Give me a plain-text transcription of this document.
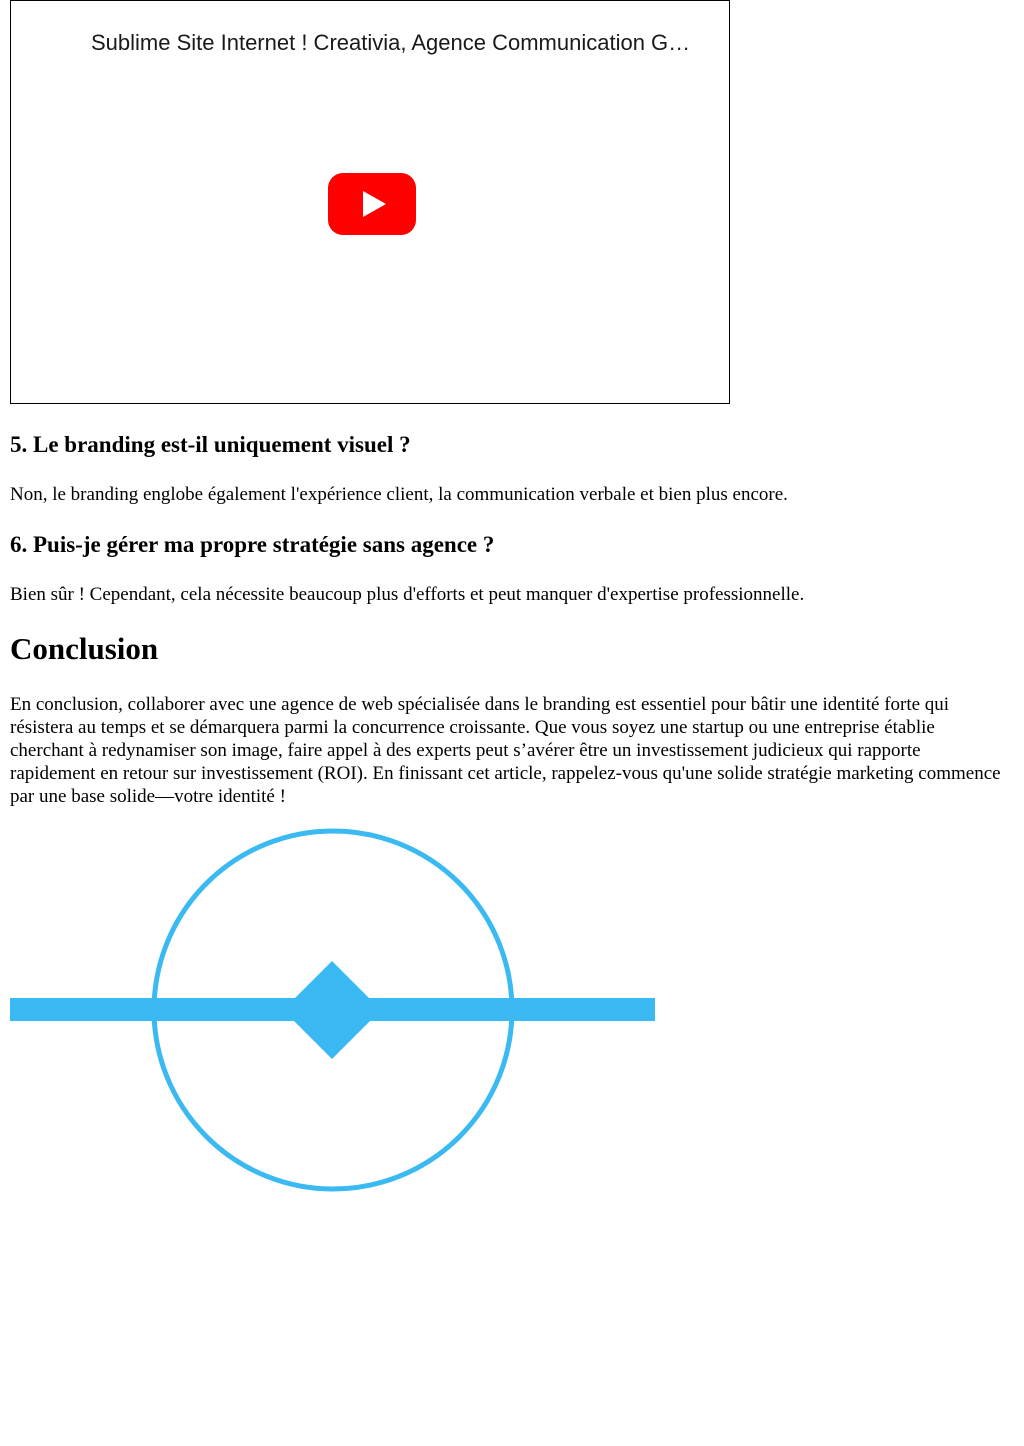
Sublime Site Internet ! Creativia, Agence Communication G…
5. Le branding est-il uniquement visuel ?

Non, le branding englobe également l'expérience client, la communication verbale et bien plus encore.

6. Puis-je gérer ma propre stratégie sans agence ?

Bien sûr ! Cependant, cela nécessite beaucoup plus d'efforts et peut manquer d'expertise professionnelle.

Conclusion

En conclusion, collaborer avec une agence de web spécialisée dans le branding est essentiel pour bâtir une identité forte qui résistera au temps et se démarquera parmi la concurrence croissante. Que vous soyez une startup ou une entreprise établie cherchant à redynamiser son image, faire appel à des experts peut s’avérer être un investissement judicieux qui rapporte rapidement en retour sur investissement (ROI). En finissant cet article, rappelez-vous qu'une solide stratégie marketing commence par une base solide—votre identité !
